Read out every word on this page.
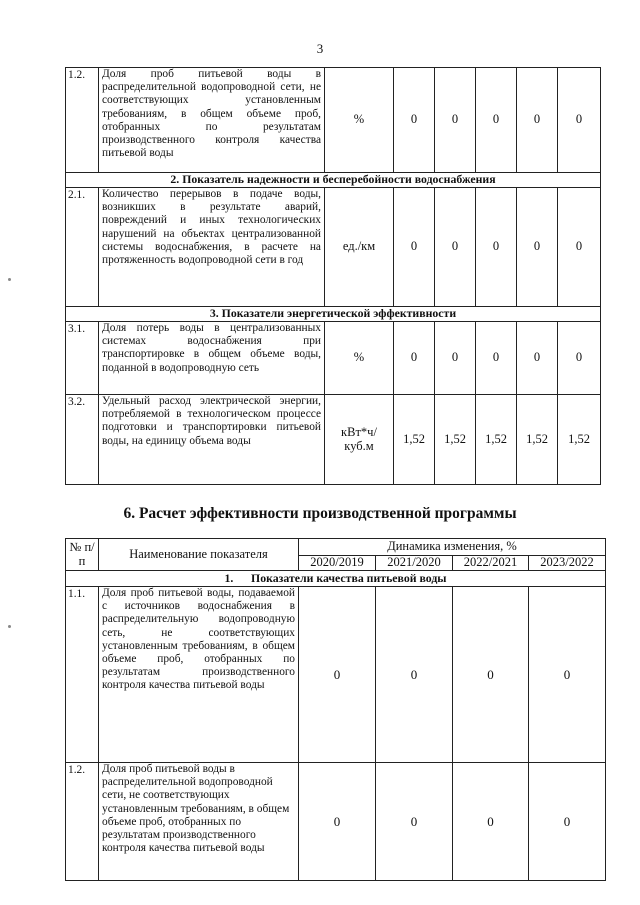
3
1.2.	Доля проб питьевой воды в распределительной водопроводной сети, не соответствующих установленным требованиям, в общем объеме проб, отобранных по результатам производственного контроля качества питьевой воды	%	0	0	0	0	0
2. Показатель надежности и бесперебойности водоснабжения							
2.1.	Количество перерывов в подаче воды, возникших в результате аварий, повреждений и иных технологических нарушений на объектах централизованной системы водоснабжения, в расчете на протяженность водопроводной сети в год	ед./км	0	0	0	0	0
3. Показатели энергетической эффективности							
3.1.	Доля потерь воды в централизованных системах водоснабжения при транспортировке в общем объеме воды, поданной в водопроводную сеть	%	0	0	0	0	0
3.2.	Удельный расход электрической энергии, потребляемой в технологическом процессе подготовки и транспортировки питьевой воды, на единицу объема воды	кВт*ч/ куб.м	1,52	1,52	1,52	1,52	1,52
6. Расчет эффективности производственной программы
№ п/п	Наименование показателя	Динамика изменения, %			
		2020/2019	2021/2020	2022/2021	2023/2022
1.      Показатели качества питьевой воды					
1.1.	Доля проб питьевой воды, подаваемой с источников водоснабжения в распределительную водопроводную сеть, не соответствующих установленным требованиям, в общем объеме проб, отобранных по результатам производственного контроля качества питьевой воды	0	0	0	0
1.2.	Доля проб питьевой воды в распределительной водопроводной сети, не соответствующих установленным требованиям, в общем объеме проб, отобранных по результатам производственного контроля качества питьевой воды	0	0	0	0
